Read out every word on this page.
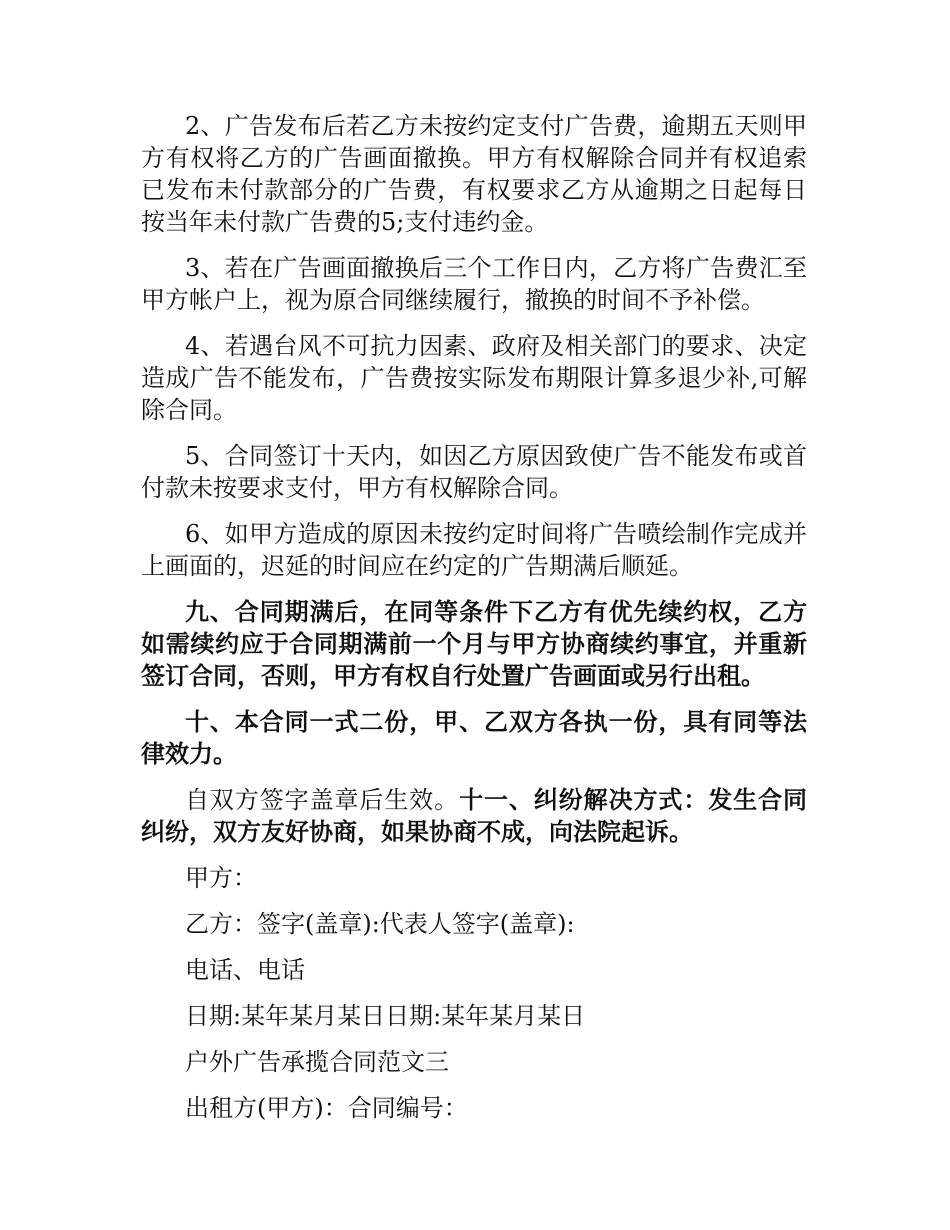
2、广告发布后若乙方未按约定支付广告费，逾期五天则甲方有权将乙方的广告画面撤换。甲方有权解除合同并有权追索已发布未付款部分的广告费，有权要求乙方从逾期之日起每日按当年未付款广告费的5;支付违约金。

3、若在广告画面撤换后三个工作日内，乙方将广告费汇至甲方帐户上，视为原合同继续履行，撤换的时间不予补偿。

4、若遇台风不可抗力因素、政府及相关部门的要求、决定造成广告不能发布，广告费按实际发布期限计算多退少补,可解除合同。

5、合同签订十天内，如因乙方原因致使广告不能发布或首付款未按要求支付，甲方有权解除合同。

6、如甲方造成的原因未按约定时间将广告喷绘制作完成并上画面的，迟延的时间应在约定的广告期满后顺延。

九、合同期满后，在同等条件下乙方有优先续约权，乙方如需续约应于合同期满前一个月与甲方协商续约事宜，并重新签订合同，否则，甲方有权自行处置广告画面或另行出租。

十、本合同一式二份，甲、乙双方各执一份，具有同等法律效力。

自双方签字盖章后生效。十一、纠纷解决方式：发生合同纠纷，双方友好协商，如果协商不成，向法院起诉。

甲方：
乙方：签字(盖章):代表人签字(盖章):
电话、电话
日期:某年某月某日日期:某年某月某日
户外广告承揽合同范文三
出租方(甲方)：合同编号：
